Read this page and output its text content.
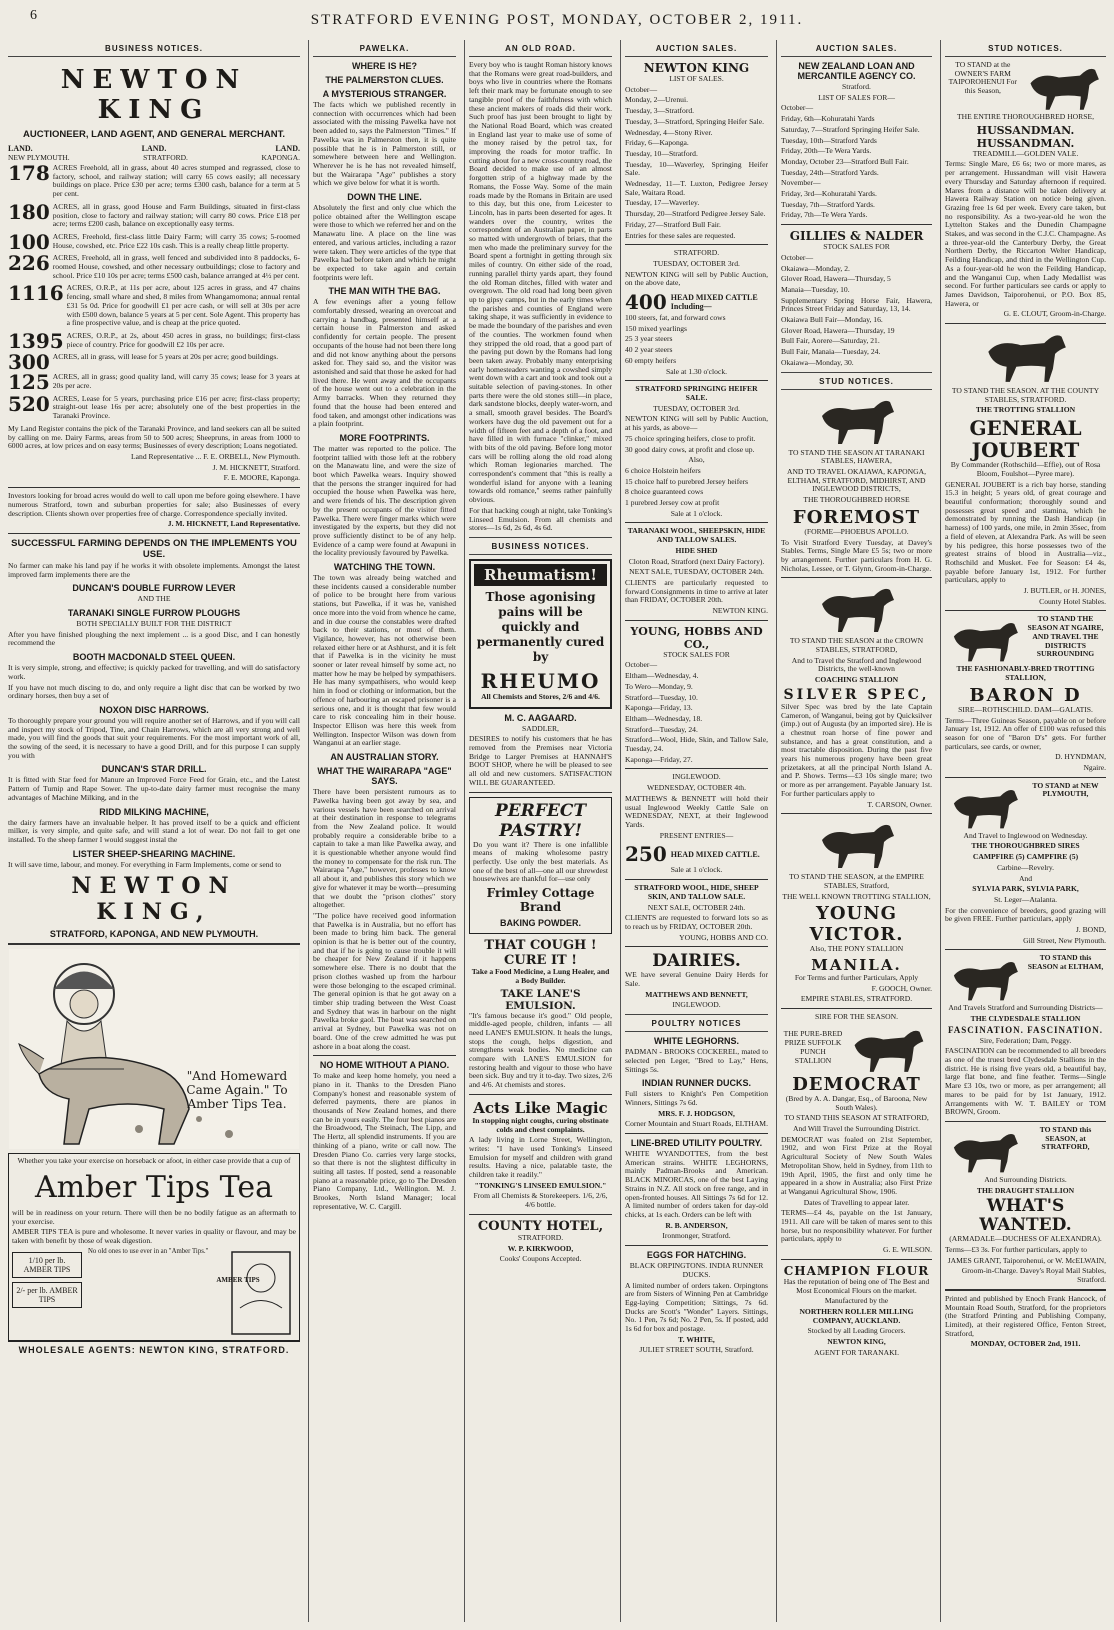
6	STRATFORD EVENING POST, MONDAY, OCTOBER 2, 1911.
BUSINESS NOTICES.
NEWTON KING
AUCTIONEER, LAND AGENT, AND GENERAL MERCHANT.
LAND.	LAND.	LAND.
NEW PLYMOUTH.	STRATFORD.	KAPONGA.
178 ACRES Freehold, all in grass, about 40 acres stumped and regrassed, close to factory, school, and railway station; will carry 65 cows easily; all necessary buildings on place. Price £30 per acre; terms £300 cash, balance for a term at 5 per cent.

180 ACRES, all in grass, good House and Farm Buildings, situated in first-class position, close to factory and railway station; will carry 80 cows. Price £18 per acre; terms £200 cash, balance on exceptionally easy terms.

100 ACRES, Freehold, first-class little Dairy Farm; will carry 35 cows; 5-roomed House, cowshed, etc. Price £22 10s cash. This is a really cheap little property.

226 ACRES, Freehold, all in grass, well fenced and subdivided into 8 paddocks, 6-roomed House, cowshed, and other necessary outbuildings; close to factory and school. Price £10 10s per acre; terms £500 cash, balance arranged at 4½ per cent.

1116 ACRES, O.R.P., at 11s per acre, about 125 acres in grass, and 47 chains fencing, small whare and shed, 8 miles from Whangamomona; annual rental £31 5s 0d. Price for goodwill £1 per acre cash, or will sell at 30s per acre with £500 down, balance 5 years at 5 per cent. Sole Agent. This property has a fine prospective value, and is cheap at the price quoted.

1395 ACRES, O.R.P., at 2s, about 450 acres in grass, no buildings; first-class piece of country. Price for goodwill £2 10s per acre.

300 ACRES, all in grass, will lease for 5 years at 20s per acre; good buildings.

125 ACRES, all in grass; good quality land, will carry 35 cows; lease for 3 years at 20s per acre.

520 ACRES, Lease for 5 years, purchasing price £16 per acre; first-class property; straight-out lease 16s per acre; absolutely one of the best properties in the Taranaki Province.

My Land Register contains the pick of the Taranaki Province, and land seekers can all be suited by calling on me. Dairy Farms, areas from 50 to 500 acres; Sheepruns, in areas from 1000 to 6000 acres, at low prices and on easy terms; Businesses of every description; Loans negotiated.

Land Representative ... F. E. ORBELL, New Plymouth.

J. M. HICKNETT, Stratford.

F. E. MOORE, Kaponga.

Investors looking for broad acres would do well to call upon me before going elsewhere. I have numerous Stratford, town and suburban properties for sale; also Businesses of every description. Clients shown over properties free of charge. Correspondence specially invited.

J. M. HICKNETT, Land Representative.

SUCCESSFUL FARMING DEPENDS ON THE IMPLEMENTS YOU USE.

No farmer can make his land pay if he works it with obsolete implements. Amongst the latest improved farm implements there are the

DUNCAN'S DOUBLE FURROW LEVER

AND THE

TARANAKI SINGLE FURROW PLOUGHS

BOTH SPECIALLY BUILT FOR THE DISTRICT

After you have finished ploughing the next implement ... is a good Disc, and I can honestly recommend the

BOOTH MACDONALD STEEL QUEEN.

It is very simple, strong, and effective; is quickly packed for travelling, and will do satisfactory work.

If you have not much discing to do, and only require a light disc that can be worked by two ordinary horses, then buy a set of

NOXON DISC HARROWS.

To thoroughly prepare your ground you will require another set of Harrows, and if you will call and inspect my stock of Tripod, Tine, and Chain Harrows, which are all very strong and well made, you will find the goods that suit your requirements. For the most important work of all, the sowing of the seed, it is necessary to have a good Drill, and for this purpose I can supply you with

DUNCAN'S STAR DRILL.

It is fitted with Star feed for Manure an Improved Force Feed for Grain, etc., and the Latest Pattern of Turnip and Rape Sower. The up-to-date dairy farmer must recognise the many advantages of Machine Milking, and in the

RIDD MILKING MACHINE,

the dairy farmers have an invaluable helper. It has proved itself to be a quick and efficient milker, is very simple, and quite safe, and will stand a lot of wear. Do not fail to get one installed. To the sheep farmer I would suggest instal the

LISTER SHEEP-SHEARING MACHINE.

It will save time, labour, and money. For everything in Farm Implements, come or send to

NEWTON KING,
STRATFORD, KAPONGA, AND NEW PLYMOUTH.
"And Homeward Came Again." To Amber Tips Tea.

Whether you take your exercise on horseback or afoot, in either case provide that a cup of

Amber Tips Tea

will be in readiness on your return. There will then be no bodily fatigue as an aftermath to your exercise.

AMBER TIPS TEA is pure and wholesome. It never varies in quality or flavour, and may be taken with benefit by those of weak digestion.

1/10 per lb. AMBER TIPS
2/- per lb. AMBER TIPS

No old ones to use ever in an "Amber Tips."

AMBER TIPS
WHOLESALE AGENTS: NEWTON KING, STRATFORD.
PAWELKA.
WHERE IS HE?
THE PALMERSTON CLUES.
A MYSTERIOUS STRANGER.

The facts which we published recently in connection with occurrences which had been associated with the missing Pawelka have not been added to, says the Palmerston "Times." If Pawelka was in Palmerston then, it is quite possible that he is in Palmerston still, or somewhere between here and Wellington. Wherever he is he has not revealed himself, but the Wairarapa "Age" publishes a story which we give below for what it is worth.

DOWN THE LINE.

Absolutely the first and only clue which the police obtained after the Wellington escape were those to which we referred her and on the Manawatu line. A place on the line was entered, and various articles, including a razor were taken. They were articles of the type that Pawelka had before taken and which he might be expected to take again and certain footprints were left.

THE MAN WITH THE BAG.

A few evenings after a young fellow comfortably dressed, wearing an overcoat and carrying a handbag, presented himself at a certain house in Palmerston and asked confidently for certain people. The present occupants of the house had not been there long and did not know anything about the persons asked for. They said so, and the visitor was astonished and said that those he asked for had lived there. He went away and the occupants of the house went out to a celebration in the Army barracks. When they returned they found that the house had been entered and food taken, and amongst other indications was a plain footprint.

MORE FOOTPRINTS.

The matter was reported to the police. The footprint tallied with those left at the robbery on the Manawatu line, and were the size of boot which Pawelka wears. Inquiry showed that the persons the stranger inquired for had occupied the house when Pawelka was here, and were friends of his. The description given by the present occupants of the visitor fitted Pawelka. There were finger marks which were investigated by the experts, but they did not prove sufficiently distinct to be of any help. Evidence of a camp were found at Awapuni in the locality previously favoured by Pawelka.

WATCHING THE TOWN.

The town was already being watched and these incidents caused a considerable number of police to be brought here from various stations, but Pawelka, if it was he, vanished once more into the void from whence he came, and in due course the constables were drafted back to their stations, or most of them. Vigilance, however, has not otherwise been relaxed either here or at Ashhurst, and it is felt that if Pawelka is in the vicinity he must sooner or later reveal himself by some act, no matter how he may be helped by sympathisers. He has many sympathisers, who would keep him in food or clothing or information, but the offence of harbouring an escaped prisoner is a serious one, and it is thought that few would care to risk concealing him in their house. Inspector Ellison was here this week from Wellington. Inspector Wilson was down from Wanganui at an earlier stage.

AN AUSTRALIAN STORY.
WHAT THE WAIRARAPA "AGE" SAYS.

There have been persistent rumours as to Pawelka having been got away by sea, and various vessels have been searched on arrival at their destination in response to telegrams from the New Zealand police. It would probably require a considerable bribe to a captain to take a man like Pawelka away, and it is questionable whether anyone would find the money to compensate for the risk run. The Wairarapa "Age," however, professes to know all about it, and publishes this story which we give for whatever it may be worth—presuming that we doubt the "prison clothes" story altogether.

"The police have received good information that Pawelka is in Australia, but no effort has been made to bring him back. The general opinion is that he is better out of the country, and that if he is going to cause trouble it will be cheaper for New Zealand if it happens somewhere else. There is no doubt that the prison clothes washed up from the harbour were those belonging to the escaped criminal. The general opinion is that he got away on a timber ship trading between the West Coast and Sydney that was in harbour on the night Pawelka broke gaol. The boat was searched on arrival at Sydney, but Pawelka was not on board. One of the crew admitted he was put ashore in a boat along the coast.

NO HOME WITHOUT A PIANO.

To make and keep home homely, you need a piano in it. Thanks to the Dresden Piano Company's honest and reasonable system of deferred payments, there are pianos in thousands of New Zealand homes, and there can be in yours easily. The four best pianos are the Broadwood, The Steinach, The Lipp, and The Hertz, all splendid instruments. If you are thinking of a piano, write or call now. The Dresden Piano Co. carries very large stocks, so that there is not the slightest difficulty in suiting all tastes. If posted, send a reasonable piano at a reasonable price, go to The Dresden Piano Company, Ltd., Wellington. M. J. Brookes, North Island Manager; local representative, W. C. Cargill.

AN OLD ROAD.

Every boy who is taught Roman history knows that the Romans were great road-builders, and boys who live in countries where the Romans left their mark may be fortunate enough to see tangible proof of the faithfulness with which these ancient makers of roads did their work. Such proof has just been brought to light by the National Road Board, which was created in England last year to make use of some of the money raised by the petrol tax, for improving the roads for motor traffic. In cutting about for a new cross-country road, the Board decided to make use of an almost forgotten strip of a highway made by the Romans, the Fosse Way. Some of the main roads made by the Romans in Britain are used to this day, but this one, from Leicester to Lincoln, has in parts been deserted for ages. It wanders over the country, writes the correspondent of an Australian paper, in parts so matted with undergrowth of briars, that the men who made the preliminary survey for the Board spent a fortnight in getting through six miles of country. On either side of the road, running parallel thirty yards apart, they found the old Roman ditches, filled with water and overgrown. The old road had long been given up to gipsy camps, but in the early times when the parishes and counties of England were taking shape, it was sufficiently in evidence to be made the boundary of the parishes and even of the counties. The workmen found when they stripped the old road, that a good part of the paving put down by the Romans had long been taken away. Probably many enterprising early homesteaders wanting a cowshed simply went down with a cart and took and took out a suitable selection of paving-stones. In other parts there were the old stones still—in place, dark sandstone blocks, deeply water-worn, and a small, smooth gravel besides. The Board's workers have dug the old pavement out for a width of fifteen feet and a depth of a foot, and have filled in with furnace "clinker," mixed with bits of the old paving. Before long motor cars will be rolling along the old road along which Roman legionaries marched. The correspondent's comment that "this is really a wonderful island for anyone with a leaning towards old romance," seems rather painfully obvious.

For that hacking cough at night, take Tonking's Linseed Emulsion. From all chemists and stores—1s 6d, 2s 6d, 4s 6d.

BUSINESS NOTICES.
Rheumatism!
Those agonising pains will be quickly and permanently cured by
RHEUMO

All Chemists and Stores, 2/6 and 4/6.

M. C. AAGAARD.

SADDLER,

DESIRES to notify his customers that he has removed from the Premises near Victoria Bridge to Larger Premises at HANNAH'S BOOT SHOP, where he will be pleased to see all old and new customers. SATISFACTION WILL BE GUARANTEED.

PERFECT PASTRY!

Do you want it? There is one infallible means of making wholesome pastry perfectly. Use only the best materials. As one of the best of all—one all our shrewdest housewives are thankful for—use only

Frimley Cottage Brand
BAKING POWDER.
THAT COUGH ! CURE IT !

Take a Food Medicine, a Lung Healer, and a Body Builder.

TAKE LANE'S EMULSION.

"It's famous because it's good." Old people, middle-aged people, children, infants — all need LANE'S EMULSION. It heals the lungs, stops the cough, helps digestion, and strengthens weak bodies. No medicine can compare with LANE'S EMULSION for restoring health and vigour to those who have been sick. Buy and try it to-day. Two sizes, 2/6 and 4/6. At chemists and stores.

Acts Like Magic

In stopping night coughs, curing obstinate colds and chest complaints.

A lady living in Lorne Street, Wellington, writes: "I have used Tonking's Linseed Emulsion for myself and children with grand results. Having a nice, palatable taste, the children take it readily."

"TONKING'S LINSEED EMULSION."

From all Chemists & Storekeepers. 1/6, 2/6, 4/6 bottle.

COUNTY HOTEL,

STRATFORD.

W. P. KIRKWOOD,

Cooks' Coupons Accepted.

AUCTION SALES.
NEWTON KING

LIST OF SALES.

October—

Monday, 2—Urenui.

Tuesday, 3—Stratford.

Tuesday, 3—Stratford, Springing Heifer Sale.

Wednesday, 4—Stony River.

Friday, 6—Kaponga.

Tuesday, 10—Stratford.

Tuesday, 10—Waverley, Springing Heifer Sale.

Wednesday, 11—T. Luxton, Pedigree Jersey Sale, Waitara Road.

Tuesday, 17—Waverley.

Thursday, 20—Stratford Pedigree Jersey Sale.

Friday, 27—Stratford Bull Fair.

Entries for these sales are requested.

STRATFORD.

TUESDAY, OCTOBER 3rd.

NEWTON KING will sell by Public Auction, on the above date,

400 HEAD MIXED CATTLE Including—

100 steers, fat, and forward cows

150 mixed yearlings

25 3 year steers

40 2 year steers

60 empty heifers

Sale at 1.30 o'clock.

STRATFORD SPRINGING HEIFER SALE.

TUESDAY, OCTOBER 3rd.

NEWTON KING will sell by Public Auction, at his yards, as above—

75 choice springing heifers, close to profit.

30 good dairy cows, at profit and close up.

Also,

6 choice Holstein heifers

15 choice half to purebred Jersey heifers

8 choice guaranteed cows

1 purebred Jersey cow at profit

Sale at 1 o'clock.

TARANAKI WOOL, SHEEPSKIN, HIDE AND TALLOW SALES.

HIDE SHED

Cloton Road, Stratford (next Dairy Factory).

NEXT SALE, TUESDAY, OCTOBER 24th.

CLIENTS are particularly requested to forward Consignments in time to arrive at later than FRIDAY, OCTOBER 20th.

NEWTON KING.

YOUNG, HOBBS AND CO.,

STOCK SALES FOR

October—

Eltham—Wednesday, 4.

To Wero—Monday, 9.

Stratford—Tuesday, 10.

Kaponga—Friday, 13.

Eltham—Wednesday, 18.

Stratford—Tuesday, 24.

Stratford—Wool, Hide, Skin, and Tallow Sale, Tuesday, 24.

Kaponga—Friday, 27.

INGLEWOOD.

WEDNESDAY, OCTOBER 4th.

MATTHEWS & BENNETT will hold their usual Inglewood Weekly Cattle Sale on WEDNESDAY, NEXT, at their Inglewood Yards.

PRESENT ENTRIES—

250 HEAD MIXED CATTLE.

Sale at 1 o'clock.

STRATFORD WOOL, HIDE, SHEEP SKIN, AND TALLOW SALE.

NEXT SALE, OCTOBER 24th.

CLIENTS are requested to forward lots so as to reach us by FRIDAY, OCTOBER 20th.

YOUNG, HOBBS AND CO.

DAIRIES.

WE have several Genuine Dairy Herds for Sale.

MATTHEWS AND BENNETT,

INGLEWOOD.

POULTRY NOTICES
WHITE LEGHORNS.

PADMAN - BROOKS COCKEREL, mated to selected pen Leger, "Bred to Lay," Hens, Sittings 5s.

INDIAN RUNNER DUCKS.

Full sisters to Knight's Pen Competition Winners, Sittings 7s 6d.

MRS. F. J. HODGSON,

Corner Mountain and Stuart Roads, ELTHAM.

LINE-BRED UTILITY POULTRY.

WHITE WYANDOTTES, from the best American strains. WHITE LEGHORNS, mainly Padman-Brooks and American. BLACK MINORCAS, one of the best Laying Strains in N.Z. All stock on free range, and in open-fronted houses. All Sittings 7s 6d for 12. A limited number of orders taken for day-old chicks, at 1s each. Orders can be left with

R. B. ANDERSON,

Ironmonger, Stratford.

EGGS FOR HATCHING.

BLACK ORPINGTONS. INDIA RUNNER DUCKS.

A limited number of orders taken. Orpingtons are from Sisters of Winning Pen at Cambridge Egg-laying Competition; Sittings, 7s 6d. Ducks are Scott's "Wonder" Layers. Sittings, No. 1 Pen, 7s 6d; No. 2 Pen, 5s. If posted, add 1s 6d for box and postage.

T. WHITE,

JULIET STREET SOUTH, Stratford.

AUCTION SALES.
NEW ZEALAND LOAN AND MERCANTILE AGENCY CO.

Stratford.

LIST OF SALES FOR—

October—

Friday, 6th—Kohuratahi Yards

Saturday, 7—Stratford Springing Heifer Sale.

Tuesday, 10th—Stratford Yards

Friday, 20th—Te Wera Yards.

Monday, October 23—Stratford Bull Fair.

Tuesday, 24th—Stratford Yards.

November—

Friday, 3rd—Kohuratahi Yards.

Tuesday, 7th—Stratford Yards.

Friday, 7th—Te Wera Yards.

GILLIES & NALDER

STOCK SALES FOR

October—

Okaiawa—Monday, 2.

Glover Road, Hawera—Thursday, 5

Manaia—Tuesday, 10.

Supplementary Spring Horse Fair, Hawera, Princes Street Friday and Saturday, 13, 14.

Okaiawa Bull Fair—Monday, 16.

Glover Road, Hawera—Thursday, 19

Bull Fair, Aorere—Saturday, 21.

Bull Fair, Manaia—Tuesday, 24.

Okaiawa—Monday, 30.

STUD NOTICES.

TO STAND THE SEASON AT TARANAKI STABLES, HAWERA,

AND TO TRAVEL OKAIAWA, KAPONGA, ELTHAM, STRATFORD, MIDHIRST, AND INGLEWOOD DISTRICTS,

THE THOROUGHBRED HORSE

FOREMOST

(FORME—PHOEBUS APOLLO.

To Visit Stratford Every Tuesday, at Davey's Stables. Terms, Single Mare £5 5s; two or more by arrangement. Further particulars from H. G. Nicholas, Lessee, or T. Glynn, Groom-in-Charge.

TO STAND THE SEASON at the CROWN STABLES, STRATFORD,

And to Travel the Stratford and Inglewood Districts, the well-known

COACHING STALLION

SILVER SPEC,

Silver Spec was bred by the late Captain Cameron, of Wanganui, being got by Quicksilver (imp.) out of Augusta (by an imported sire). He is a chestnut roan horse of fine power and substance, and has a great constitution, and a most tractable disposition. During the past five years his numerous progeny have been great prizetakers, at all the principal North Island A. and P. Shows. Terms—£3 10s single mare; two or more as per arrangement. Payable January 1st. For further particulars apply to

T. CARSON, Owner.

TO STAND THE SEASON, at the EMPIRE STABLES, Stratford,

THE WELL KNOWN TROTTING STALLION,

YOUNG VICTOR.

Also, THE PONY STALLION

MANILA.

For Terms and further Particulars, Apply

F. GOOCH, Owner.

EMPIRE STABLES, STRATFORD.

SIRE FOR THE SEASON.

THE PURE-BRED PRIZE SUFFOLK PUNCH STALLION

DEMOCRAT

(Bred by A. A. Dangar, Esq., of Baroona, New South Wales).

TO STAND THIS SEASON AT STRATFORD,

And Will Travel the Surrounding District.

DEMOCRAT was foaled on 21st September, 1902, and won First Prize at the Royal Agricultural Society of New South Wales Metropolitan Show, held in Sydney, from 11th to 19th April, 1905, the first and only time he appeared in a show in Australia; also First Prize at Wanganui Agricultural Show, 1906.

Dates of Travelling to appear later.

TERMS—£4 4s, payable on the 1st January, 1911. All care will be taken of mares sent to this horse, but no responsibility whatever. For further particulars, apply to

G. E. WILSON.

CHAMPION FLOUR

Has the reputation of being one of The Best and Most Economical Flours on the market.

Manufactured by the

NORTHERN ROLLER MILLING COMPANY, AUCKLAND.

Stocked by all Leading Grocers.

NEWTON KING,

AGENT FOR TARANAKI.

STUD NOTICES.

TO STAND at the OWNER'S FARM TAIPOROHENUI For this Season,

THE ENTIRE THOROUGHBRED HORSE,

HUSSANDMAN. HUSSANDMAN.

TREADMILL—GOLDEN VALE.

Terms: Single Mare, £6 6s; two or more mares, as per arrangement. Hussandman will visit Hawera every Thursday and Saturday afternoon if required. Mares from a distance will be taken delivery at Hawera Railway Station on notice being given. Grazing free 1s 6d per week. Every care taken, but no responsibility. As a two-year-old he won the Lyttelton Stakes and the Dunedin Champagne Stakes, and was second in the C.J.C. Champagne. As a three-year-old the Canterbury Derby, the Great Northern Derby, the Riccarton Welter Handicap, Feilding Handicap, and third in the Wellington Cup. As a four-year-old he won the Feilding Handicap, and the Wanganui Cup, when Lady Medallist was second. For further particulars see cards or apply to James Davidson, Taiporohenui, or P.O. Box 85, Hawera, or

G. E. CLOUT, Groom-in-Charge.

TO STAND THE SEASON. AT THE COUNTY STABLES, STRATFORD.

THE TROTTING STALLION

GENERAL JOUBERT

By Commander (Rothschild—Effie), out of Rosa Bloom, Foulshot—Pyree mare).

GENERAL JOUBERT is a rich bay horse, standing 15.3 in height; 5 years old, of great courage and beautiful conformation; thoroughly sound and possesses great speed and stamina, which he demonstrated by running the Dash Handicap (in harness) of 100 yards, one mile, in 2min 35sec, from a field of eleven, at Alexandra Park. As will be seen by his pedigree, this horse possesses two of the greatest strains of blood in Australia—viz., Rothschild and Musket. Fee for Season: £4 4s, payable before January 1st, 1912. For further particulars, apply to

J. BUTLER, or H. JONES,

County Hotel Stables.

TO STAND THE SEASON AT NGAIRE, AND TRAVEL THE DISTRICTS SURROUNDING

THE FASHIONABLY-BRED TROTTING STALLION,

BARON D

SIRE—ROTHSCHILD. DAM—GALATIS.

Terms—Three Guineas Season, payable on or before January 1st, 1912. An offer of £100 was refused this season for one of "Baron D's" gets. For further particulars, see cards, or owner,

D. HYNDMAN,

Ngaire.

TO STAND at NEW PLYMOUTH,

And Travel to Inglewood on Wednesday.

THE THOROUGHBRED SIRES

CAMPFIRE (5) CAMPFIRE (5)

Carbine—Revelry.

And

SYLVIA PARK, SYLVIA PARK,

St. Leger—Atalanta.

For the convenience of breeders, good grazing will be given FREE. Further particulars, apply

J. BOND,

Gill Street, New Plymouth.

TO STAND this SEASON at ELTHAM,

And Travels Stratford and Surrounding Districts—

THE CLYDESDALE STALLION

FASCINATION. FASCINATION.

Sire, Federation; Dam, Peggy.

FASCINATION can be recommended to all breeders as one of the truest bred Clydesdale Stallions in the district. He is rising five years old, a beautiful bay, large flat bone, and fine feather. Terms—Single Mare £3 10s, two or more, as per arrangement; all mares to be paid for by 1st January, 1912. Arrangements with W. T. BAILEY or TOM BROWN, Groom.

TO STAND this SEASON, at STRATFORD,

And Surrounding Districts.

THE DRAUGHT STALLION

WHAT'S WANTED.

(ARMADALE—DUCHESS OF ALEXANDRA).

Terms—£3 3s. For further particulars, apply to

JAMES GRANT, Taiporohenui, or W. McELWAIN,

Groom-in-Charge. Davey's Royal Mail Stables, Stratford.

Printed and published by Enoch Frank Hancock, of Mountain Road South, Stratford, for the proprietors (the Stratford Printing and Publishing Company, Limited), at their registered Office, Fenton Street, Stratford,

MONDAY, OCTOBER 2nd, 1911.
